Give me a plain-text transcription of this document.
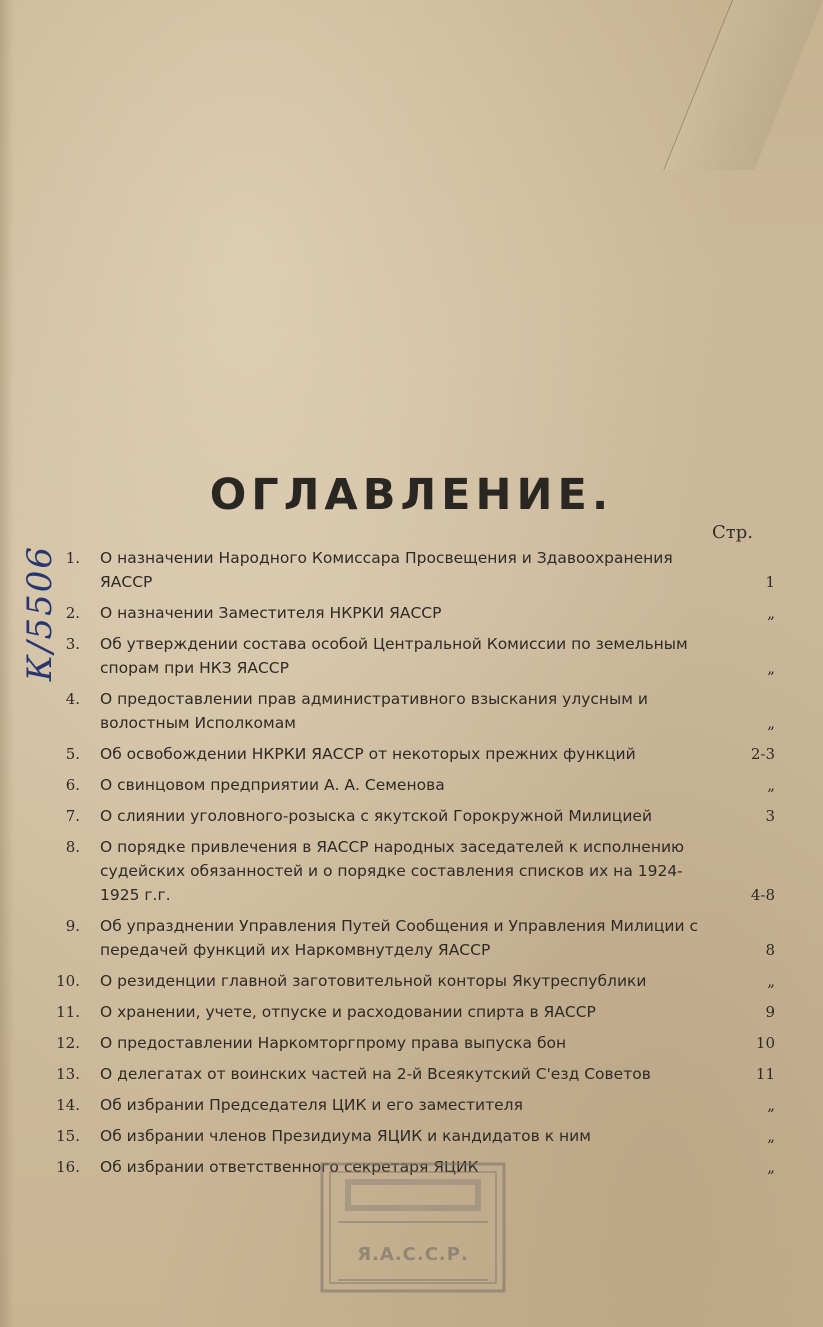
К/5506
ОГЛАВЛЕНИЕ.
Стр.
1. О назначении Народного Комиссара Просвещения и Здавоохранения ЯАССР	1
2. О назначении Заместителя НКРКИ ЯАССР	„
3. Об утверждении состава особой Центральной Комиссии по земельным спорам при НКЗ ЯАССР	„
4. О предоставлении прав административного взыскания улусным и волостным Исполкомам	„
5. Об освобождении НКРКИ ЯАССР от некоторых прежних функций	2-3
6. О свинцовом предприятии А. А. Семенова	„
7. О слиянии уголовного-розыска с якутской Горокружной Милицией	3
8. О порядке привлечения в ЯАССР народных заседателей к исполнению судейских обязанностей и о порядке составления списков их на 1924-1925 г.г.	4-8
9. Об упразднении Управления Путей Сообщения и Управления Милиции с передачей функций их Наркомвнутделу ЯАССР	8
10. О резиденции главной заготовительной конторы Якутреспублики	„
11. О хранении, учете, отпуске и расходовании спирта в ЯАССР	9
12. О предоставлении Наркомторгпрому права выпуска бон	10
13. О делегатах от воинских частей на 2-й Всеякутский С'езд Советов	11
14. Об избрании Председателя ЦИК и его заместителя	„
15. Об избрании членов Президиума ЯЦИК и кандидатов к ним	„
16. Об избрании ответственного секретаря ЯЦИК	„
Я.А.С.С.Р.
